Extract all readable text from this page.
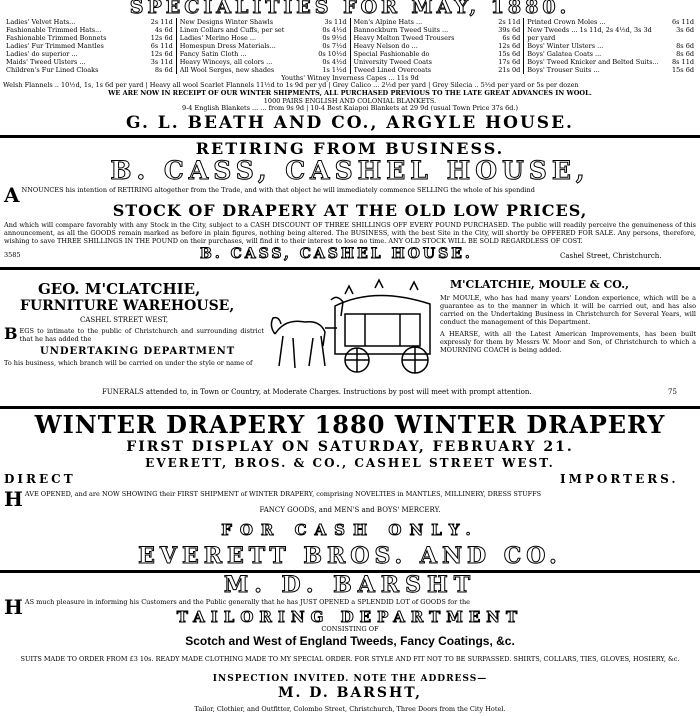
SPECIALITIES FOR MAY, 1880.
Ladies' Velvet Hats...	2s 11d
Fashionable Trimmed Hats...	4s 6d
Fashionable Trimmed Bonnets	12s 6d
Ladies' Fur Trimmed Mantles	6s 11d
Ladies' do superior ...	12s 6d
Maids' Tweed Ulsters ...	3s 11d
Children's Fur Lined Cloaks	8s 6d
New Designs Winter Shawls	3s 11d
Linen Collars and Cuffs, per set	0s 4½d
Ladies' Merino Hose ...	0s 9½d
Homespun Dress Materials...	0s 7½d
Fancy Satin Cloth ...	0s 10½d
Heavy Winceys, all colors ...	0s 4½d
All Wool Serges, new shades	1s 1½d
Men's Alpine Hats ...	2s 11d
Bannockburn Tweed Suits ...	39s 6d
Heavy Melton Tweed Trousers	6s 6d
Heavy Nelson do ...	12s 6d
Special Fashionable do	15s 6d
University Tweed Coats	17s 6d
Tweed Lined Overcoats	21s 0d
Printed Crown Moles ...	6s 11d
New Tweeds ... 1s 11d, 2s 4½d, 3s 3d	3s 6d
per yard
Boys' Winter Ulsters ...	8s 6d
Boys' Galatea Coats ...	8s 6d
Boys' Tweed Knicker and Belted Suits... 8s 11d
Boys' Trouser Suits ...	15s 6d
Youths' Witney Inverness Capes ... 11s 9d
Welsh Flannels .. 10½d, 1s, 1s 6d per yard | Heavy all wool Scarlet Flannels 11½d to 1s 9d per yd | Grey Calico ... 2½d per yard | Grey Silecia .. 5½d per yard or 5s per dozen
WE ARE NOW IN RECEIPT OF OUR WINTER SHIPMENTS, ALL PURCHASED PREVIOUS TO THE LATE GREAT ADVANCES IN WOOL.
1000 PAIRS ENGLISH AND COLONIAL BLANKETS.
9-4 English Blankets ... ... from 9s 9d | 10-4 Best Kaiapoi Blankets at 29 9d (usual Town Price 37s 6d.)
G. L. BEATH AND CO., ARGYLE HOUSE.
RETIRING FROM BUSINESS.
B. CASS, CASHEL HOUSE,
ANNOUNCES his intention of RETIRING altogether from the Trade, and with that object he will immediately commence SELLING the whole of his spendind
STOCK OF DRAPERY AT THE OLD LOW PRICES,
And which will compare favorably with any Stock in the City, subject to a CASH DISCOUNT OF THREE SHILLINGS OFF EVERY POUND PURCHASED. The public will readily perceive the genuineness of this announcement, as all the GOODS remain marked as before in plain figures, nothing being altered. The BUSINESS, with the best Site in the City, will shortly be OFFERED FOR SALE. Any persons, therefore, wishing to save THREE SHILLINGS IN THE POUND on their purchases, will find it to their interest to lose no time. ANY OLD STOCK WILL BE SOLD REGARDLESS OF COST.
3585	B. CASS, CASHEL HOUSE.	Cashel Street, Christchurch.
GEO. M'CLATCHIE,
FURNITURE WAREHOUSE,
CASHEL STREET WEST,
BEGS to intimate to the public of Christchurch and surrounding district that he has added the
UNDERTAKING DEPARTMENT
To his business, which branch will be carried on under the style or name of
M'CLATCHIE, MOULE & CO.,
Mr MOULE, who has had many years' London experience, which will be a guarantee as to the manner in which it will be carried out, and has also carried on the Undertaking Business in Christchurch for Several Years, will conduct the management of this Department.
A HEARSE, with all the Latest American Improvements, has been built expressly for them by Messrs W. Moor and Son, of Christchurch to which a MOURNING COACH is being added.
FUNERALS attended to, in Town or Country, at Moderate Charges. Instructions by post will meet with prompt attention.	75
WINTER DRAPERY 1880 WINTER DRAPERY
FIRST DISPLAY ON SATURDAY, FEBRUARY 21.
EVERETT, BROS. & CO., CASHEL STREET WEST.
DIRECT	IMPORTERS.
HAVE OPENED, and are NOW SHOWING their FIRST SHIPMENT of WINTER DRAPERY, comprising NOVELTIES in MANTLES, MILLINERY, DRESS STUFFS
FANCY GOODS, and MEN'S and BOYS' MERCERY.
FOR CASH ONLY.
EVERETT BROS. AND CO.
M. D. BARSHT
HAS much pleasure in informing his Customers and the Public generally that he has JUST OPENED a SPLENDID LOT of GOODS for the
TAILORING DEPARTMENT
CONSISTING OF
Scotch and West of England Tweeds, Fancy Coatings, &c.
SUITS MADE TO ORDER FROM £3 10s. READY MADE CLOTHING MADE TO MY SPECIAL ORDER. FOR STYLE AND FIT NOT TO BE SURPASSED. SHIRTS, COLLARS, TIES, GLOVES, HOSIERY, &c.
INSPECTION INVITED. NOTE THE ADDRESS—
M. D. BARSHT,
Tailor, Clothier, and Outfitter, Colombo Street, Christchurch, Three Doors from the City Hotel.
